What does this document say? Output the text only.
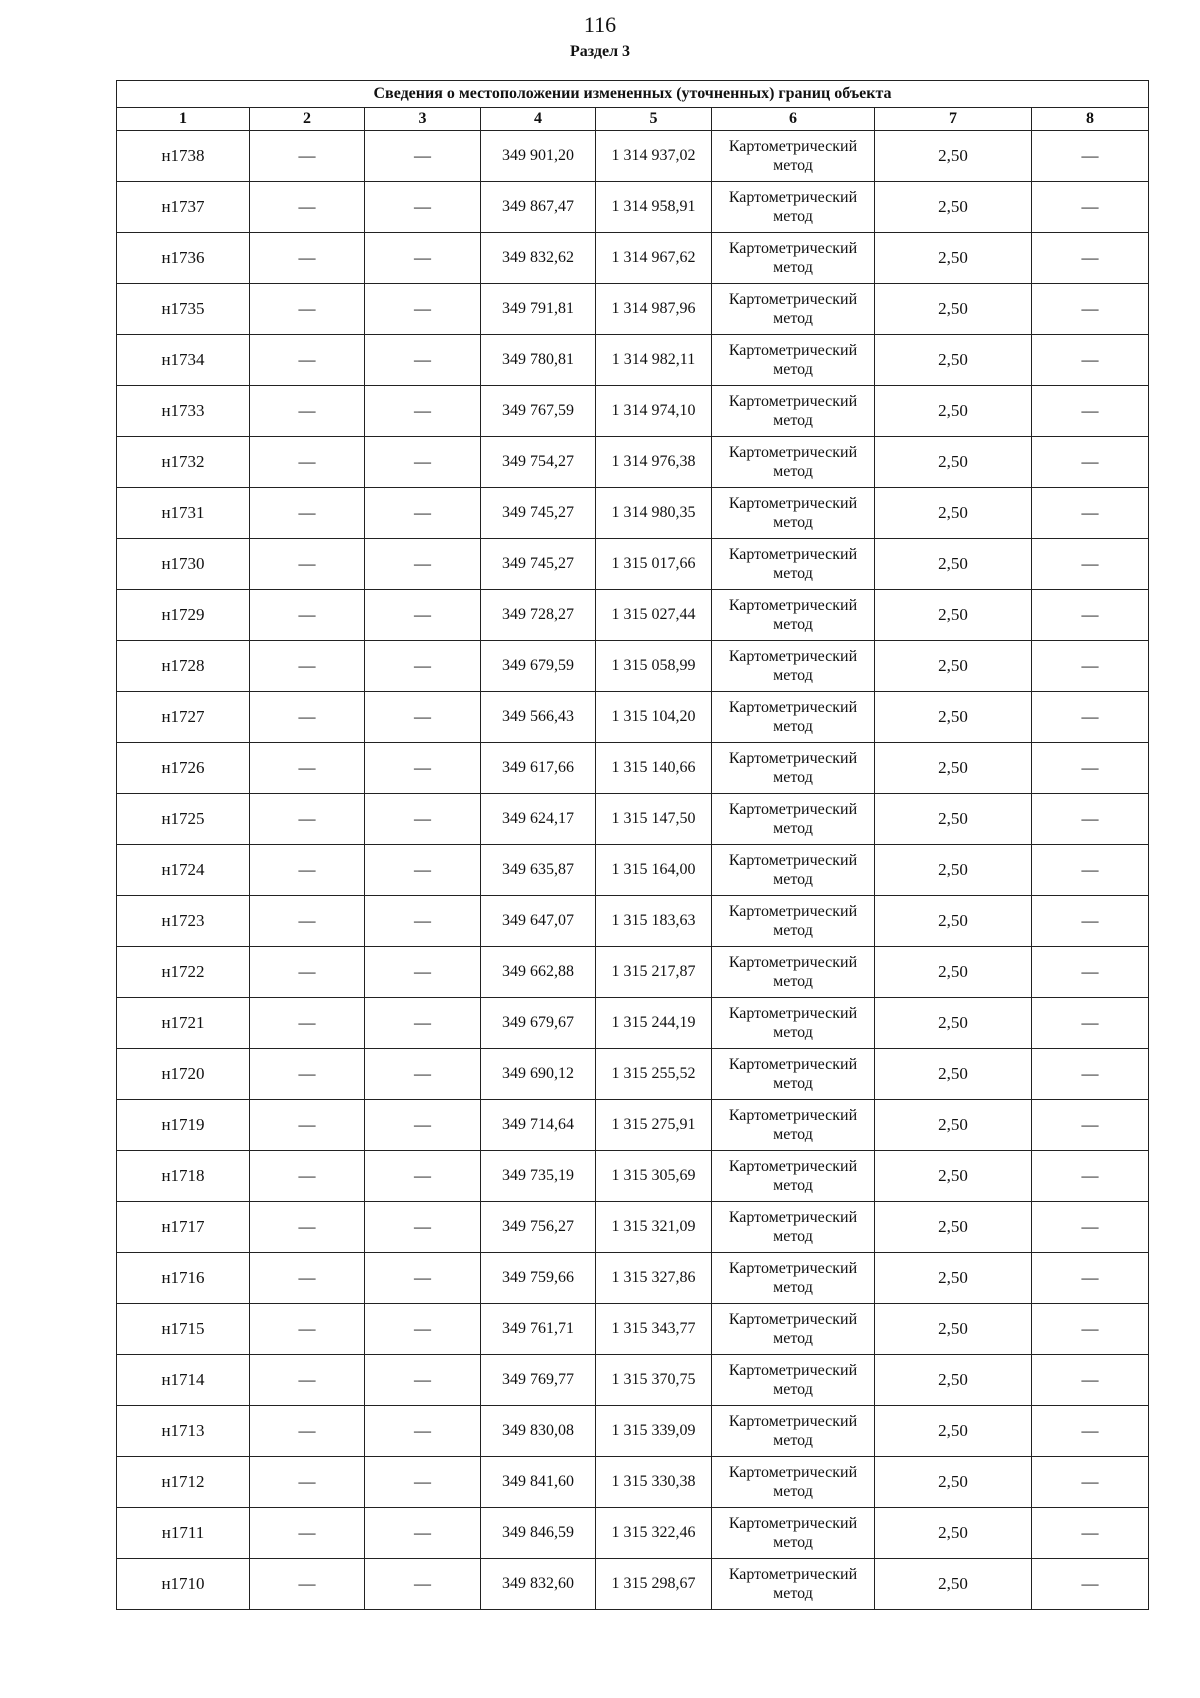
116
Раздел 3
Сведения о местоположении измененных (уточненных) границ объекта							
1	2	3	4	5	6	7	8
н1738	—	—	349 901,20	1 314 937,02	Картометрический метод	2,50	—
н1737	—	—	349 867,47	1 314 958,91	Картометрический метод	2,50	—
н1736	—	—	349 832,62	1 314 967,62	Картометрический метод	2,50	—
н1735	—	—	349 791,81	1 314 987,96	Картометрический метод	2,50	—
н1734	—	—	349 780,81	1 314 982,11	Картометрический метод	2,50	—
н1733	—	—	349 767,59	1 314 974,10	Картометрический метод	2,50	—
н1732	—	—	349 754,27	1 314 976,38	Картометрический метод	2,50	—
н1731	—	—	349 745,27	1 314 980,35	Картометрический метод	2,50	—
н1730	—	—	349 745,27	1 315 017,66	Картометрический метод	2,50	—
н1729	—	—	349 728,27	1 315 027,44	Картометрический метод	2,50	—
н1728	—	—	349 679,59	1 315 058,99	Картометрический метод	2,50	—
н1727	—	—	349 566,43	1 315 104,20	Картометрический метод	2,50	—
н1726	—	—	349 617,66	1 315 140,66	Картометрический метод	2,50	—
н1725	—	—	349 624,17	1 315 147,50	Картометрический метод	2,50	—
н1724	—	—	349 635,87	1 315 164,00	Картометрический метод	2,50	—
н1723	—	—	349 647,07	1 315 183,63	Картометрический метод	2,50	—
н1722	—	—	349 662,88	1 315 217,87	Картометрический метод	2,50	—
н1721	—	—	349 679,67	1 315 244,19	Картометрический метод	2,50	—
н1720	—	—	349 690,12	1 315 255,52	Картометрический метод	2,50	—
н1719	—	—	349 714,64	1 315 275,91	Картометрический метод	2,50	—
н1718	—	—	349 735,19	1 315 305,69	Картометрический метод	2,50	—
н1717	—	—	349 756,27	1 315 321,09	Картометрический метод	2,50	—
н1716	—	—	349 759,66	1 315 327,86	Картометрический метод	2,50	—
н1715	—	—	349 761,71	1 315 343,77	Картометрический метод	2,50	—
н1714	—	—	349 769,77	1 315 370,75	Картометрический метод	2,50	—
н1713	—	—	349 830,08	1 315 339,09	Картометрический метод	2,50	—
н1712	—	—	349 841,60	1 315 330,38	Картометрический метод	2,50	—
н1711	—	—	349 846,59	1 315 322,46	Картометрический метод	2,50	—
н1710	—	—	349 832,60	1 315 298,67	Картометрический метод	2,50	—
